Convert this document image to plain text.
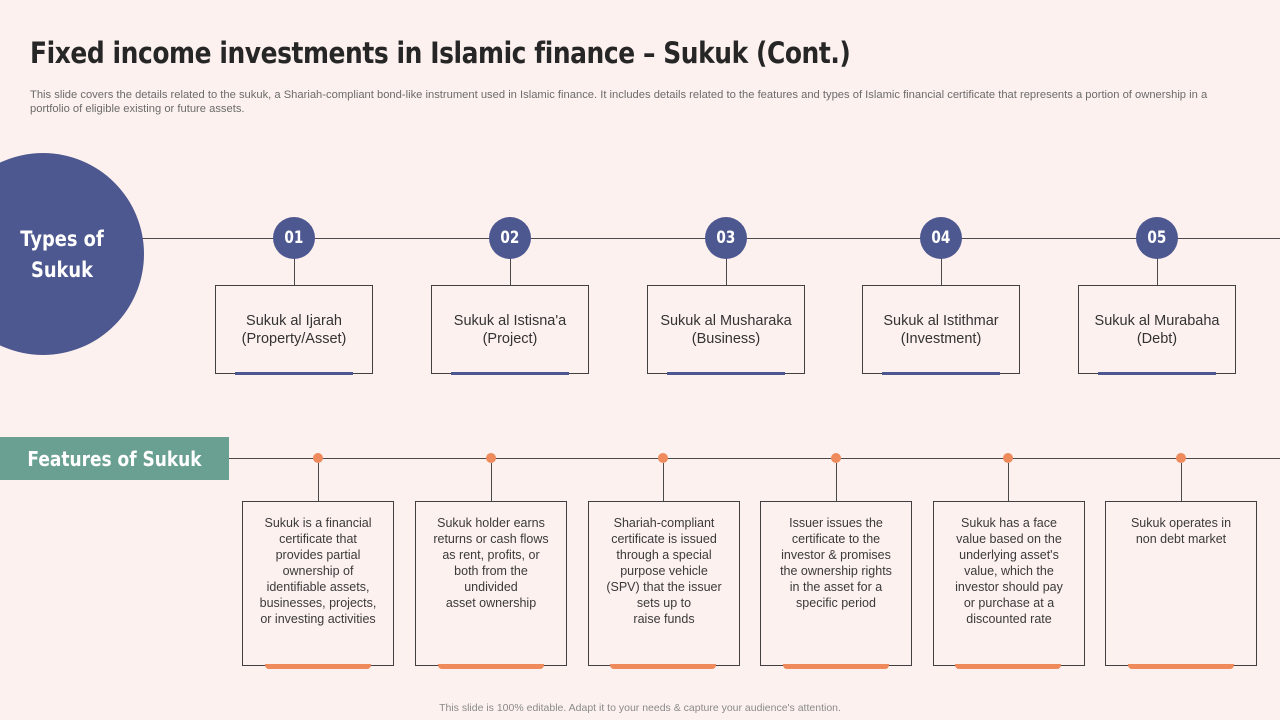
Fixed income investments in Islamic finance – Sukuk (Cont.)

This slide covers the details related to the sukuk, a Shariah-compliant bond-like instrument used in Islamic finance. It includes details related to the features and types of Islamic financial certificate that represents a portion of ownership in a portfolio of eligible existing or future assets.

Types of Sukuk
01
Sukuk al Ijarah (Property/Asset)
02
Sukuk al Istisna'a (Project)
03
Sukuk al Musharaka (Business)
04
Sukuk al Istithmar (Investment)
05
Sukuk al Murabaha (Debt)
Features of Sukuk
Sukuk is a financial
certificate that
provides partial
ownership of
identifiable assets,
businesses, projects,
or investing activities
Sukuk holder earns
returns or cash flows
as rent, profits, or
both from the
undivided
asset ownership
Shariah-compliant
certificate is issued
through a special
purpose vehicle
(SPV) that the issuer
sets up to
raise funds
Issuer issues the
certificate to the
investor & promises
the ownership rights
in the asset for a
specific period
Sukuk has a face
value based on the
underlying asset's
value, which the
investor should pay
or purchase at a
discounted rate
Sukuk operates in
non debt market
This slide is 100% editable. Adapt it to your needs & capture your audience's attention.
